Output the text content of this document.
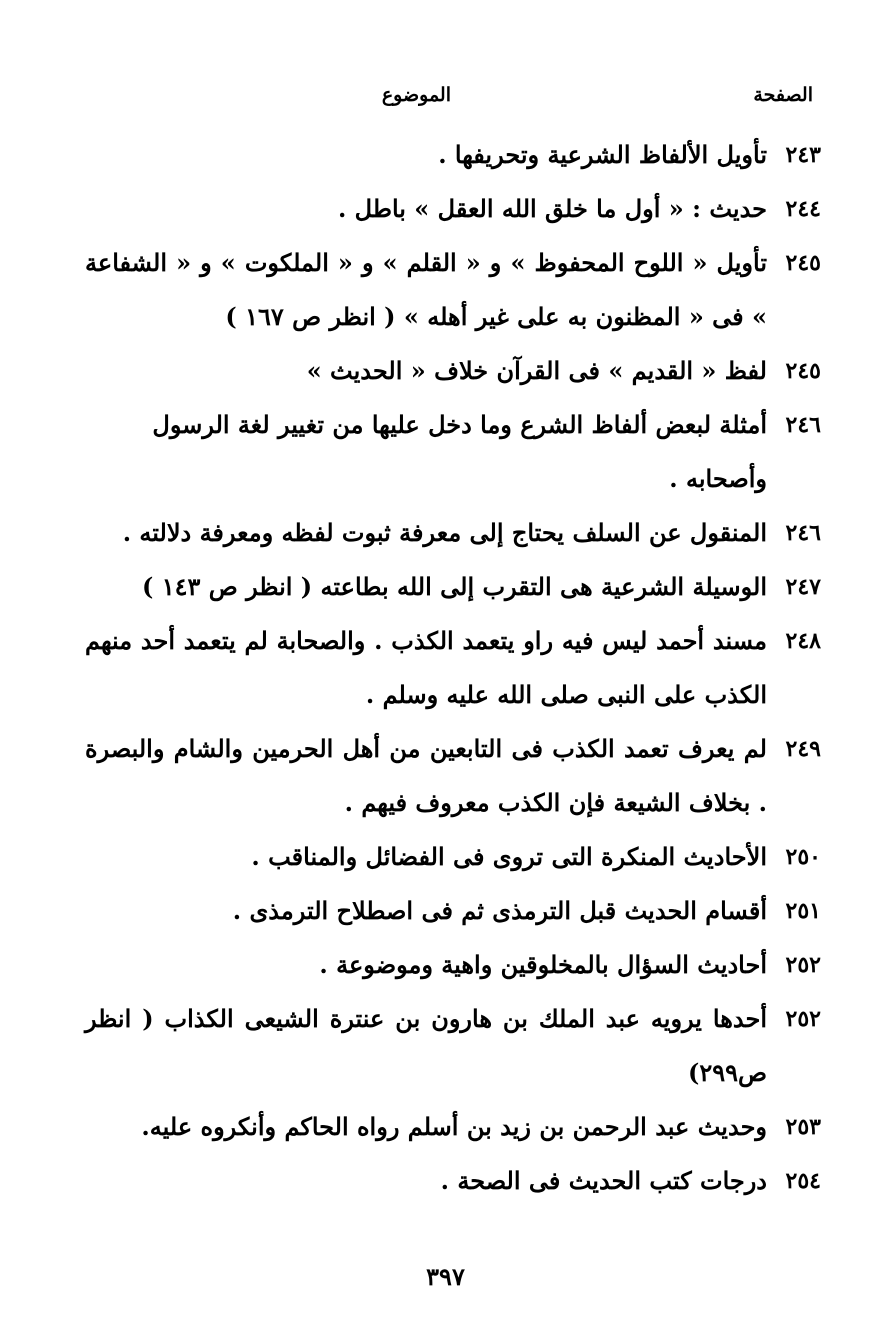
الصفحة
الموضوع
٢٤٣
تأويل الألفاظ الشرعية وتحريفها .
٢٤٤
حديث : « أول ما خلق الله العقل » باطل .
٢٤٥
تأويل « اللوح المحفوظ » و « القلم » و « الملكوت » و « الشفاعة » فى « المظنون به على غير أهله » ( انظر ص ١٦٧ )
٢٤٥
لفظ « القديم » فى القرآن خلاف « الحديث »
٢٤٦
أمثلة لبعض ألفاظ الشرع وما دخل عليها من تغيير لغة الرسول وأصحابه .
٢٤٦
المنقول عن السلف يحتاج إلى معرفة ثبوت لفظه ومعرفة دلالته .
٢٤٧
الوسيلة الشرعية هى التقرب إلى الله بطاعته ( انظر ص ١٤٣ )
٢٤٨
مسند أحمد ليس فيه راو يتعمد الكذب . والصحابة لم يتعمد أحد منهم الكذب على النبى صلى الله عليه وسلم .
٢٤٩
لم يعرف تعمد الكذب فى التابعين من أهل الحرمين والشام والبصرة . بخلاف الشيعة فإن الكذب معروف فيهم .
٢٥٠
الأحاديث المنكرة التى تروى فى الفضائل والمناقب .
٢٥١
أقسام الحديث قبل الترمذى ثم فى اصطلاح الترمذى .
٢٥٢
أحاديث السؤال بالمخلوقين واهية وموضوعة .
٢٥٢
أحدها يرويه عبد الملك بن هارون بن عنترة الشيعى الكذاب ( انظر ص٢٩٩)
٢٥٣
وحديث عبد الرحمن بن زيد بن أسلم رواه الحاكم وأنكروه عليه.
٢٥٤
درجات كتب الحديث فى الصحة .
٣٩٧
